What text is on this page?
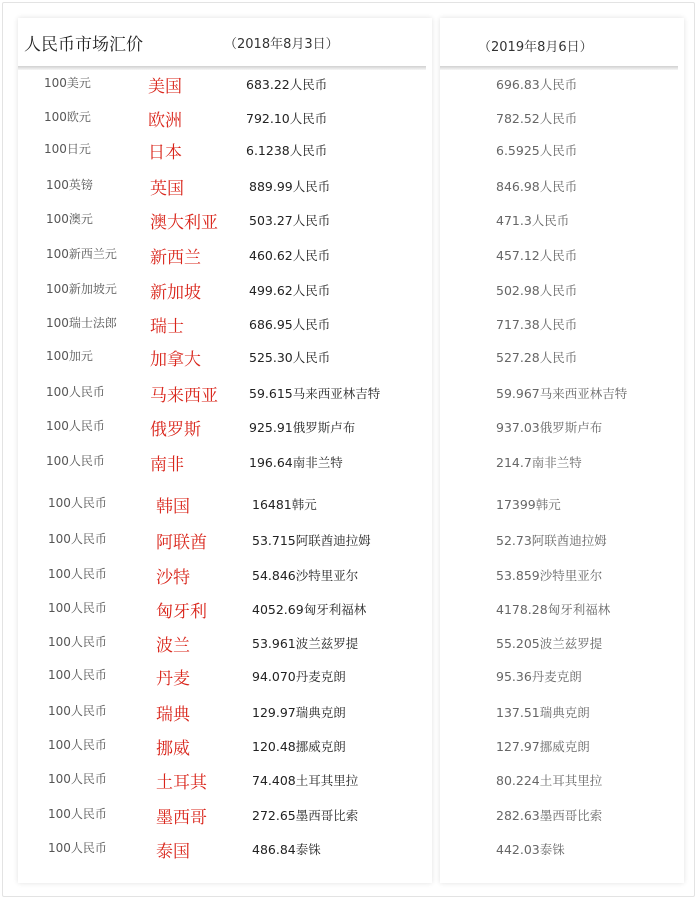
人民币市场汇价	（2018年8月3日）	（2019年8月6日）
100美元	美国	683.22人民币	696.83人民币
100欧元	欧洲	792.10人民币	782.52人民币
100日元	日本	6.1238人民币	6.5925人民币
100英镑	英国	889.99人民币	846.98人民币
100澳元	澳大利亚 503.27人民币	471.3人民币
100新西兰元 新西兰	460.62人民币	457.12人民币
100新加坡元 新加坡	499.62人民币	502.98人民币
100瑞士法郎 瑞士	686.95人民币	717.38人民币
100加元	加拿大	525.30人民币	527.28人民币
100人民币	马来西亚 59.615马来西亚林吉特	59.967马来西亚林吉特
100人民币	俄罗斯	925.91俄罗斯卢布	937.03俄罗斯卢布
100人民币	南非	196.64南非兰特	214.7南非兰特
100人民币	韩国	16481韩元	17399韩元
100人民币	阿联酋	53.715阿联酋迪拉姆	52.73阿联酋迪拉姆
100人民币	沙特	54.846沙特里亚尔	53.859沙特里亚尔
100人民币	匈牙利	4052.69匈牙利福林	4178.28匈牙利福林
100人民币	波兰	53.961波兰兹罗提	55.205波兰兹罗提
100人民币	丹麦	94.070丹麦克朗	95.36丹麦克朗
100人民币	瑞典	129.97瑞典克朗	137.51瑞典克朗
100人民币	挪威	120.48挪威克朗	127.97挪威克朗
100人民币	土耳其	74.408土耳其里拉	80.224土耳其里拉
100人民币	墨西哥	272.65墨西哥比索	282.63墨西哥比索
100人民币	泰国	486.84泰铢	442.03泰铢
